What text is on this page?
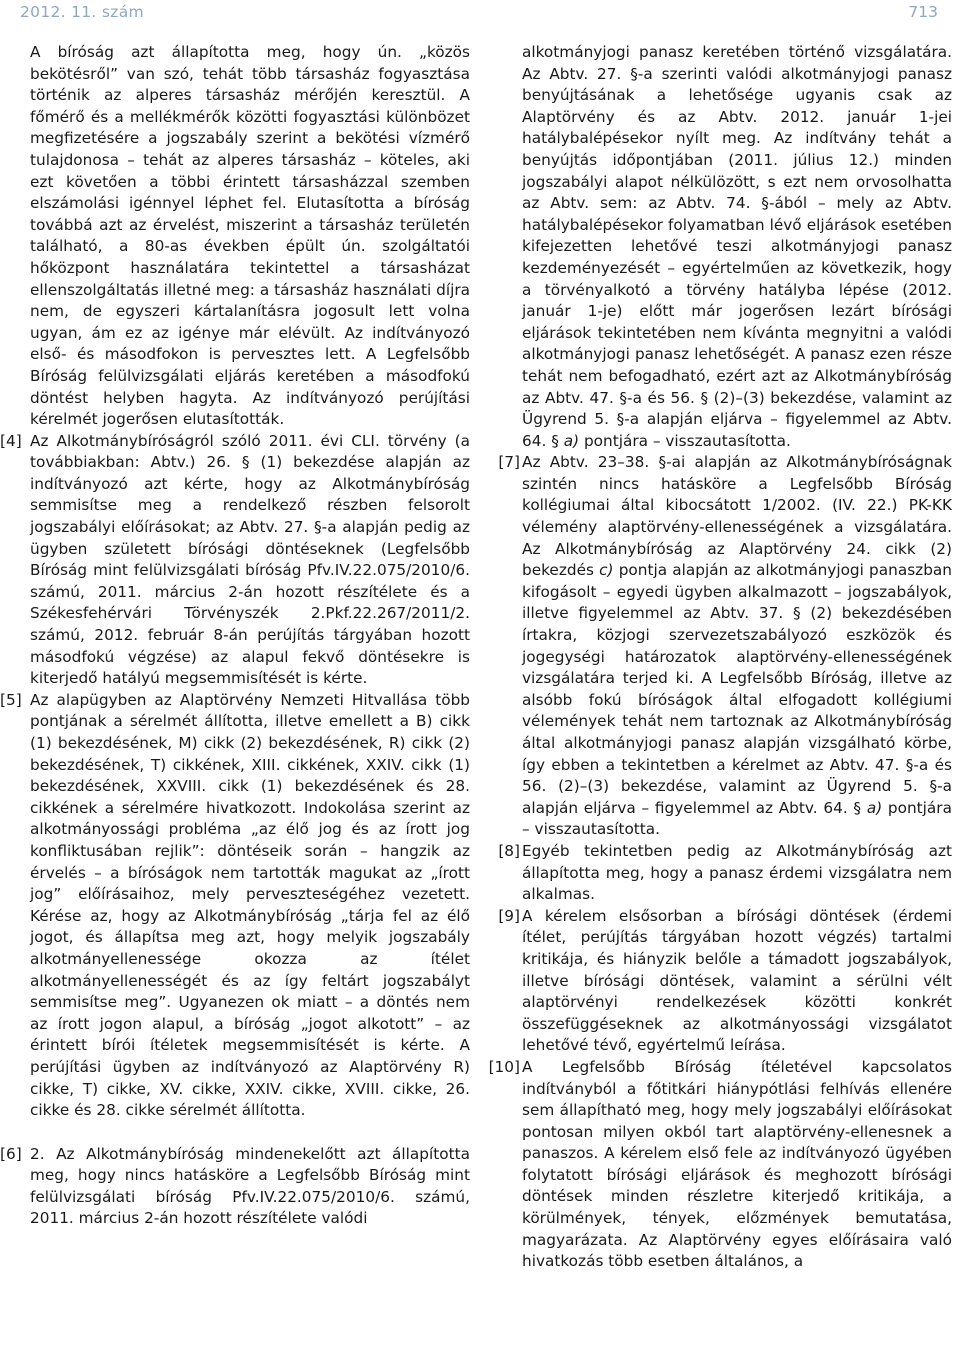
2012. 11. szám	713

A bíróság azt állapította meg, hogy ún. „közös bekötésről” van szó, tehát több társasház fogyasztása történik az alperes társasház mérőjén keresztül. A főmérő és a mellékmérők közötti fogyasztási különbözet megfizetésére a jogszabály szerint a bekötési vízmérő tulajdonosa – tehát az alperes társasház – köteles, aki ezt követően a többi érintett társasházzal szemben elszámolási igénnyel léphet fel. Elutasította a bíróság továbbá azt az érvelést, miszerint a társasház területén található, a 80-as években épült ún. szolgáltatói hőközpont használatára tekintettel a társasházat ellenszolgáltatás illetné meg: a társasház használati díjra nem, de egyszeri kártalanításra jogosult lett volna ugyan, ám ez az igénye már elévült. Az indítványozó első- és másodfokon is pervesztes lett. A Legfelsőbb Bíróság felülvizsgálati eljárás keretében a másodfokú döntést helyben hagyta. Az indítványozó perújítási kérelmét jogerősen elutasították.

[4] Az Alkotmánybíróságról szóló 2011. évi CLI. törvény (a továbbiakban: Abtv.) 26. § (1) bekezdése alapján az indítványozó azt kérte, hogy az Alkotmánybíróság semmisítse meg a rendelkező részben felsorolt jogszabályi előírásokat; az Abtv. 27. §-a alapján pedig az ügyben született bírósági döntéseknek (Legfelsőbb Bíróság mint felülvizsgálati bíróság Pfv.IV.22.075/2010/6. számú, 2011. március 2-án hozott részítélete és a Székesfehérvári Törvényszék 2.Pkf.22.267/2011/2. számú, 2012. február 8-án perújítás tárgyában hozott másodfokú végzése) az alapul fekvő döntésekre is kiterjedő hatályú megsemmisítését is kérte.
[5] Az alapügyben az Alaptörvény Nemzeti Hitvallása több pontjának a sérelmét állította, illetve emellett a B) cikk (1) bekezdésének, M) cikk (2) bekezdésének, R) cikk (2) bekezdésének, T) cikkének, XIII. cikkének, XXIV. cikk (1) bekezdésének, XXVIII. cikk (1) bekezdésének és 28. cikkének a sérelmére hivatkozott. Indokolása szerint az alkotmányossági probléma „az élő jog és az írott jog konfliktusában rejlik”: döntéseik során – hangzik az érvelés – a bíróságok nem tartották magukat az „írott jog” előírásaihoz, mely perveszteségéhez vezetett. Kérése az, hogy az Alkotmánybíróság „tárja fel az élő jogot, és állapítsa meg azt, hogy melyik jogszabály alkotmányellenessége okozza az ítélet alkotmányellenességét és az így feltárt jogszabályt semmisítse meg”. Ugyanezen ok miatt – a döntés nem az írott jogon alapul, a bíróság „jogot alkotott” – az érintett bírói ítéletek megsemmisítését is kérte. A perújítási ügyben az indítványozó az Alaptörvény R) cikke, T) cikke, XV. cikke, XXIV. cikke, XVIII. cikke, 26. cikke és 28. cikke sérelmét állította.
[6] 2. Az Alkotmánybíróság mindenekelőtt azt állapította meg, hogy nincs hatásköre a Legfelsőbb Bíróság mint felülvizsgálati bíróság Pfv.IV.22.075/2010/6. számú, 2011. március 2-án hozott részítélete valódi

alkotmányjogi panasz keretében történő vizsgálatára. Az Abtv. 27. §-a szerinti valódi alkotmányjogi panasz benyújtásának a lehetősége ugyanis csak az Alaptörvény és az Abtv. 2012. január 1-jei hatálybalépésekor nyílt meg. Az indítvány tehát a benyújtás időpontjában (2011. július 12.) minden jogszabályi alapot nélkülözött, s ezt nem orvosolhatta az Abtv. sem: az Abtv. 74. §-ából – mely az Abtv. hatálybalépésekor folyamatban lévő eljárások esetében kifejezetten lehetővé teszi alkotmányjogi panasz kezdeményezését – egyértelműen az következik, hogy a törvényalkotó a törvény hatályba lépése (2012. január 1-je) előtt már jogerősen lezárt bírósági eljárások tekintetében nem kívánta megnyitni a valódi alkotmányjogi panasz lehetőségét. A panasz ezen része tehát nem befogadható, ezért azt az Alkotmánybíróság az Abtv. 47. §-a és 56. § (2)–(3) bekezdése, valamint az Ügyrend 5. §-a alapján eljárva – figyelemmel az Abtv. 64. § a) pontjára – visszautasította.

[7] Az Abtv. 23–38. §-ai alapján az Alkotmánybíróságnak szintén nincs hatásköre a Legfelsőbb Bíróság kollégiumai által kibocsátott 1/2002. (IV. 22.) PK-KK vélemény alaptörvény-ellenességének a vizsgálatára. Az Alkotmánybíróság az Alaptörvény 24. cikk (2) bekezdés c) pontja alapján az alkotmányjogi panaszban kifogásolt – egyedi ügyben alkalmazott – jogszabályok, illetve figyelemmel az Abtv. 37. § (2) bekezdésében írtakra, közjogi szervezetszabályozó eszközök és jogegységi határozatok alaptörvény-ellenességének vizsgálatára terjed ki. A Legfelsőbb Bíróság, illetve az alsóbb fokú bíróságok által elfogadott kollégiumi vélemények tehát nem tartoznak az Alkotmánybíróság által alkotmányjogi panasz alapján vizsgálható körbe, így ebben a tekintetben a kérelmet az Abtv. 47. §-a és 56. (2)–(3) bekezdése, valamint az Ügyrend 5. §-a alapján eljárva – figyelemmel az Abtv. 64. § a) pontjára – visszautasította.
[8] Egyéb tekintetben pedig az Alkotmánybíróság azt állapította meg, hogy a panasz érdemi vizsgálatra nem alkalmas.
[9] A kérelem elsősorban a bírósági döntések (érdemi ítélet, perújítás tárgyában hozott végzés) tartalmi kritikája, és hiányzik belőle a támadott jogszabályok, illetve bírósági döntések, valamint a sérülni vélt alaptörvényi rendelkezések közötti konkrét összefüggéseknek az alkotmányossági vizsgálatot lehetővé tévő, egyértelmű leírása.
[10] A Legfelsőbb Bíróság ítéletével kapcsolatos indítványból a főtitkári hiánypótlási felhívás ellenére sem állapítható meg, hogy mely jogszabályi előírásokat pontosan milyen okból tart alaptörvény-ellenesnek a panaszos. A kérelem első fele az indítványozó ügyében folytatott bírósági eljárások és meghozott bírósági döntések minden részletre kiterjedő kritikája, a körülmények, tények, előzmények bemutatása, magyarázata. Az Alaptörvény egyes előírásaira való hivatkozás több esetben általános, a
